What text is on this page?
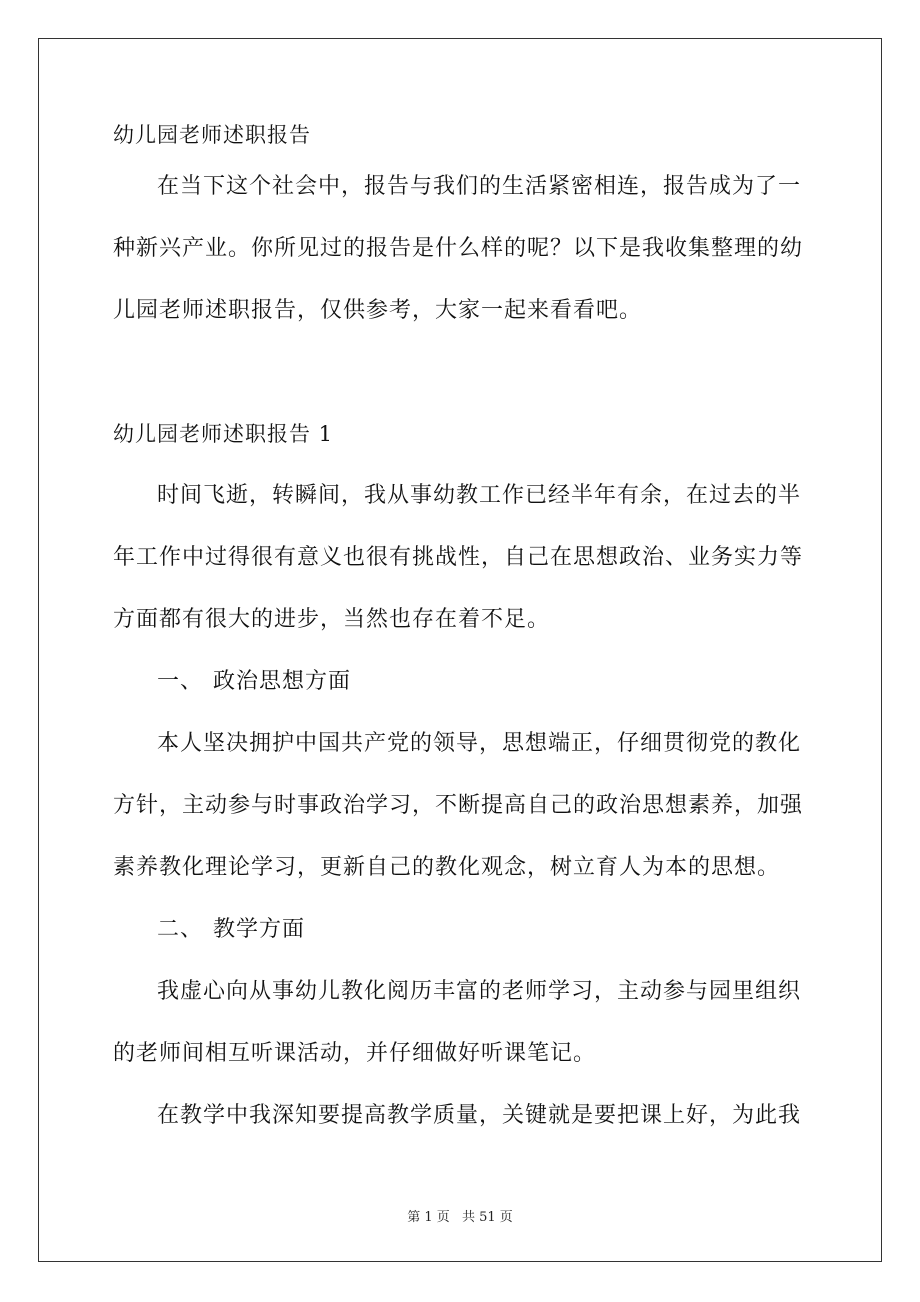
幼儿园老师述职报告
在当下这个社会中，报告与我们的生活紧密相连，报告成为了一
种新兴产业。你所见过的报告是什么样的呢？以下是我收集整理的幼
儿园老师述职报告，仅供参考，大家一起来看看吧。
幼儿园老师述职报告 1
时间飞逝，转瞬间，我从事幼教工作已经半年有余，在过去的半
年工作中过得很有意义也很有挑战性，自己在思想政治、业务实力等
方面都有很大的进步，当然也存在着不足。
一、 政治思想方面
本人坚决拥护中国共产党的领导，思想端正，仔细贯彻党的教化
方针，主动参与时事政治学习，不断提高自己的政治思想素养，加强
素养教化理论学习，更新自己的教化观念，树立育人为本的思想。
二、 教学方面
我虚心向从事幼儿教化阅历丰富的老师学习，主动参与园里组织
的老师间相互听课活动，并仔细做好听课笔记。
在教学中我深知要提高教学质量，关键就是要把课上好，为此我
第 1 页 共 51 页
